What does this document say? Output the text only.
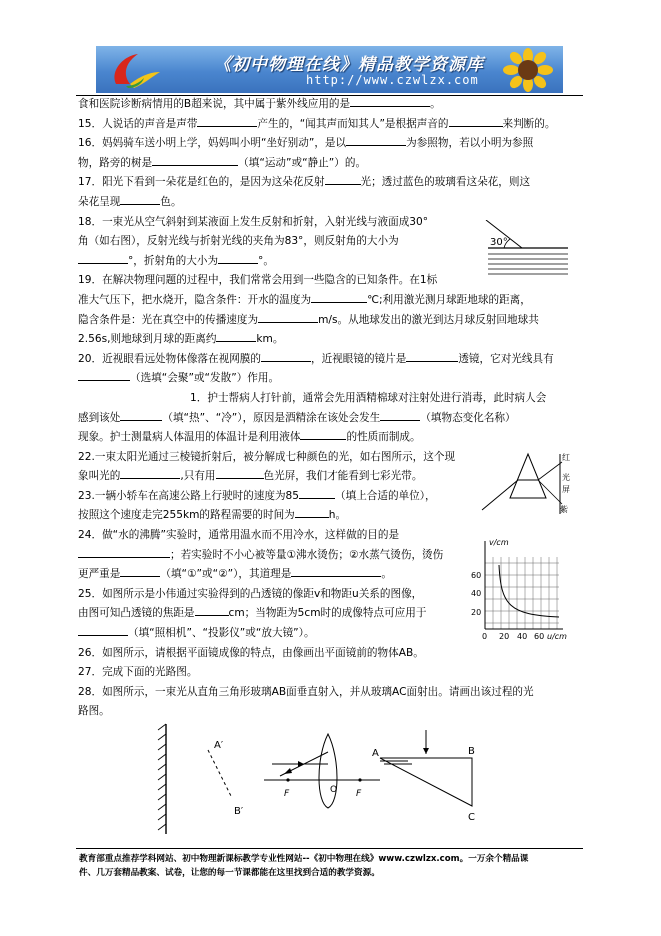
《初中物理在线》精品教学资源库
http://www.czwlzx.com

食和医院诊断病情用的B超来说，其中属于紫外线应用的是	。

15．人说话的声音是声带	产生的，“闻其声而知其人”是根据声音的	来判断的。

16．妈妈骑车送小明上学，妈妈叫小明“坐好别动”，是以	为参照物，若以小明为参照

物，路旁的树是	（填“运动”或“静止”）的。

17．阳光下看到一朵花是红色的，是因为这朵花反射	光；透过蓝色的玻璃看这朵花，则这

朵花呈现	色。

18．一束光从空气斜射到某液面上发生反射和折射，入射光线与液面成30°

角（如右图），反射光线与折射光线的夹角为83°，则反射角的大小为

°，折射角的大小为	°。

19．在解决物理问题的过程中，我们常常会用到一些隐含的已知条件。在1标

准大气压下，把水烧开，隐含条件：开水的温度为	℃;利用激光测月球距地球的距离，

隐含条件是：光在真空中的传播速度为	m/s。从地球发出的激光到达月球反射回地球共

2.56s,则地球到月球的距离约	km。

20．近视眼看远处物体像落在视网膜的	，近视眼镜的镜片是	透镜，它对光线具有

（选填“会聚”或“发散”）作用。

1．护士帮病人打针前，通常会先用酒精棉球对注射处进行消毒，此时病人会

感到该处	（填“热”、“冷”），原因是酒精涂在该处会发生	（填物态变化名称）

现象。护士测量病人体温用的体温计是利用液体	的性质而制成。

22.一束太阳光通过三棱镜折射后，被分解成七种颜色的光，如右图所示，这个现

象叫光的	,只有用	色光屏，我们才能看到七彩光带。

23.一辆小轿车在高速公路上行驶时的速度为85	（填上合适的单位），

按照这个速度走完255km的路程需要的时间为	h。

24．做“水的沸腾”实验时，通常用温水而不用冷水，这样做的目的是

；若实验时不小心被等量①沸水烫伤；②水蒸气烫伤，烫伤

更严重是	（填“①”或“②”），其道理是	。

25．如图所示是小伟通过实验得到的凸透镜的像距v和物距u关系的图像，

由图可知凸透镜的焦距是	cm；当物距为5cm时的成像特点可应用于

（填“照相机”、“投影仪”或“放大镜”）。

26．如图所示，请根据平面镜成像的特点，由像画出平面镜前的物体AB。

27．完成下面的光路图。

28．如图所示，一束光从直角三角形玻璃AB面垂直射入，并从玻璃AC面射出。请画出该过程的光

路图。

30°
红
光
屏
紫
v/cm
60
40
20
0 20 40 60 u/cm
A′
B′
F	O F
A	B
C
教育部重点推荐学科网站、初中物理新课标教学专业性网站--《初中物理在线》www.czwlzx.com。一万余个精品课
件、几万套精品教案、试卷，让您的每一节课都能在这里找到合适的教学资源。
